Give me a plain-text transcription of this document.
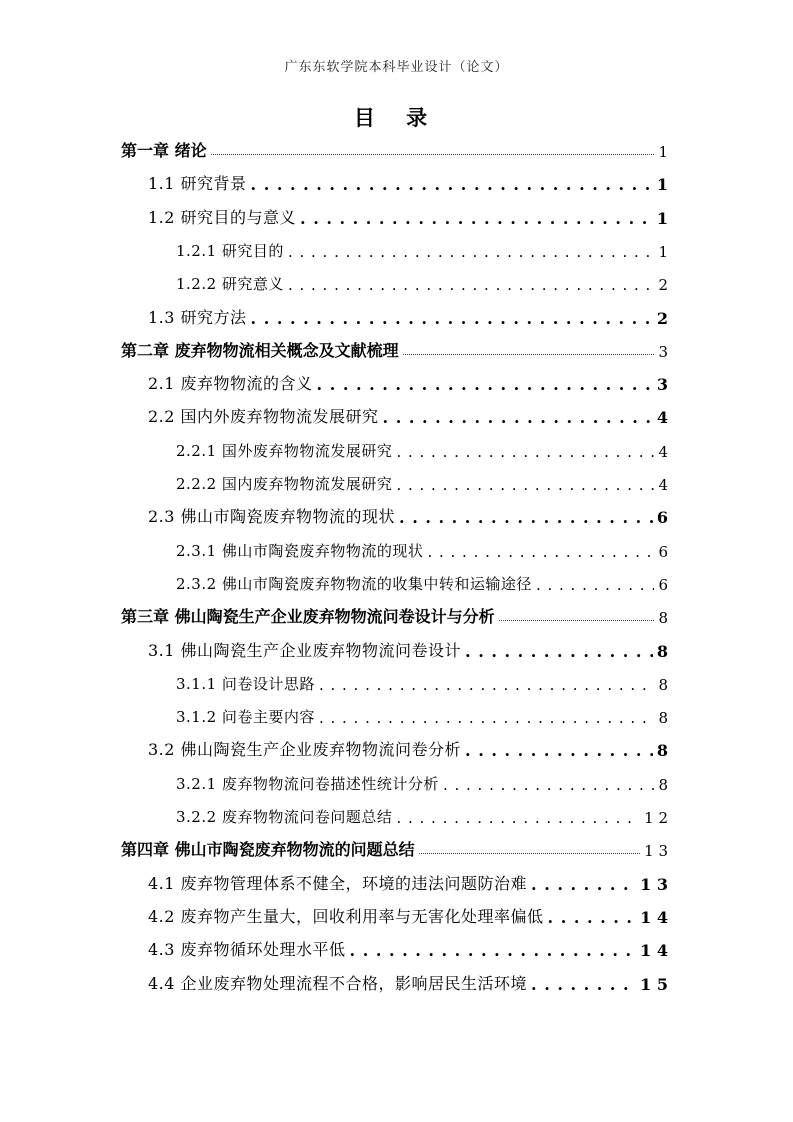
广东东软学院本科毕业设计（论文）
目 录
第一章 绪论	1
1.1 研究背景 . . .	1
1.2 研究目的与意义 . . .	1
1.2.1 研究目的 . . .	1
1.2.2 研究意义 . . .	2
1.3 研究方法 . . .	2
第二章 废弃物物流相关概念及文献梳理	3
2.1 废弃物物流的含义 . . .	3
2.2 国内外废弃物物流发展研究 . . .	4
2.2.1 国外废弃物物流发展研究 . . .	4
2.2.2 国内废弃物物流发展研究 . . .	4
2.3 佛山市陶瓷废弃物物流的现状 . . .	6
2.3.1 佛山市陶瓷废弃物物流的现状 . . .	6
2.3.2 佛山市陶瓷废弃物物流的收集中转和运输途径 . . .	6
第三章 佛山陶瓷生产企业废弃物物流问卷设计与分析	8
3.1 佛山陶瓷生产企业废弃物物流问卷设计 . . .	8
3.1.1 问卷设计思路 . . .	8
3.1.2 问卷主要内容 . . .	8
3.2 佛山陶瓷生产企业废弃物物流问卷分析 . . .	8
3.2.1 废弃物物流问卷描述性统计分析 . . .	8
3.2.2 废弃物物流问卷问题总结 . . .	1 2
第四章 佛山市陶瓷废弃物物流的问题总结	1 3
4.1 废弃物管理体系不健全，环境的违法问题防治难 . . .	1 3
4.2 废弃物产生量大，回收利用率与无害化处理率偏低 . . .	1 4
4.3 废弃物循环处理水平低 . . .	1 4
4.4 企业废弃物处理流程不合格，影响居民生活环境 . . .	1 5
